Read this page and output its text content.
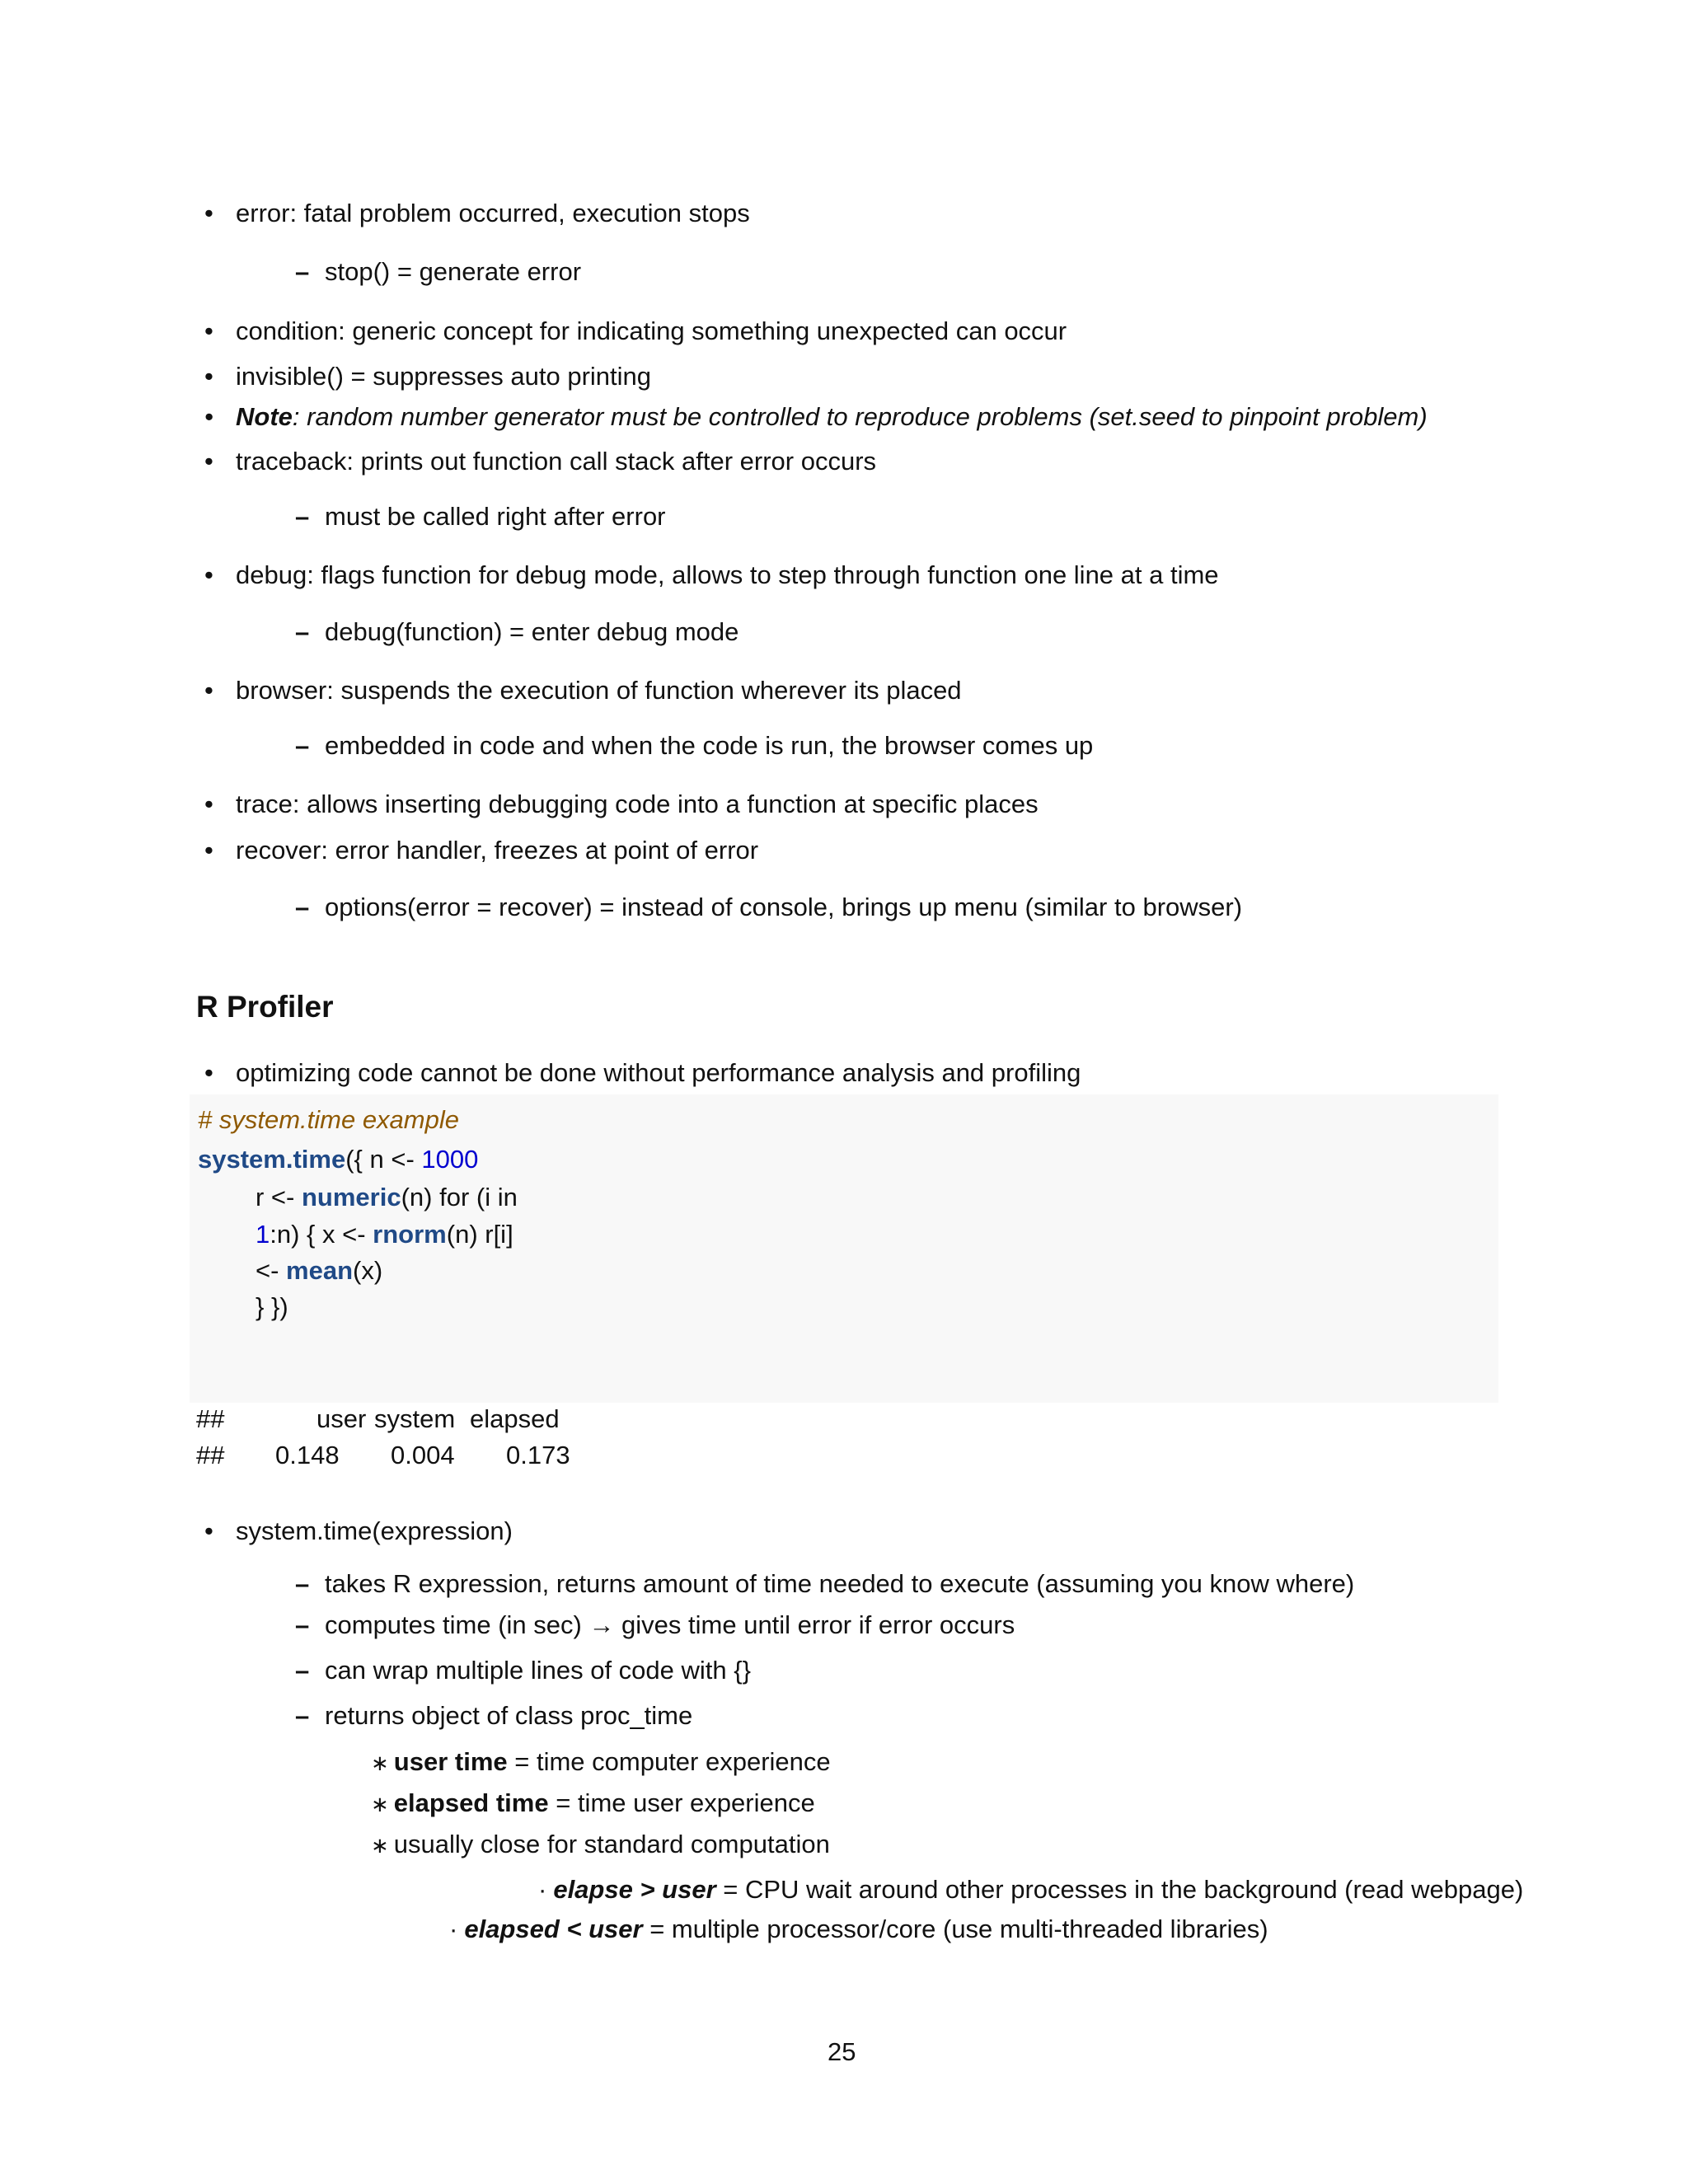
• error: fatal problem occurred, execution stops
– stop() = generate error
• condition: generic concept for indicating something unexpected can occur
• invisible() = suppresses auto printing
• Note: random number generator must be controlled to reproduce problems (set.seed to pinpoint problem)
• traceback: prints out function call stack after error occurs
– must be called right after error
• debug: flags function for debug mode, allows to step through function one line at a time
– debug(function) = enter debug mode
• browser: suspends the execution of function wherever its placed
– embedded in code and when the code is run, the browser comes up
• trace: allows inserting debugging code into a function at specific places
• recover: error handler, freezes at point of error
– options(error = recover) = instead of console, brings up menu (similar to browser)
R Profiler
• optimizing code cannot be done without performance analysis and profiling
# system.time example
system.time({ n <- 1000
r <- numeric(n) for (i in
1:n) { x <- rnorm(n) r[i]
<- mean(x)
} })
##	user system elapsed
## 0.148 0.004 0.173
• system.time(expression)
– takes R expression, returns amount of time needed to execute (assuming you know where)
– computes time (in sec) → gives time until error if error occurs
– can wrap multiple lines of code with {}
– returns object of class proc_time
∗ user time = time computer experience
∗ elapsed time = time user experience
∗ usually close for standard computation
· elapse > user = CPU wait around other processes in the background (read webpage)
· elapsed < user = multiple processor/core (use multi-threaded libraries)
25
